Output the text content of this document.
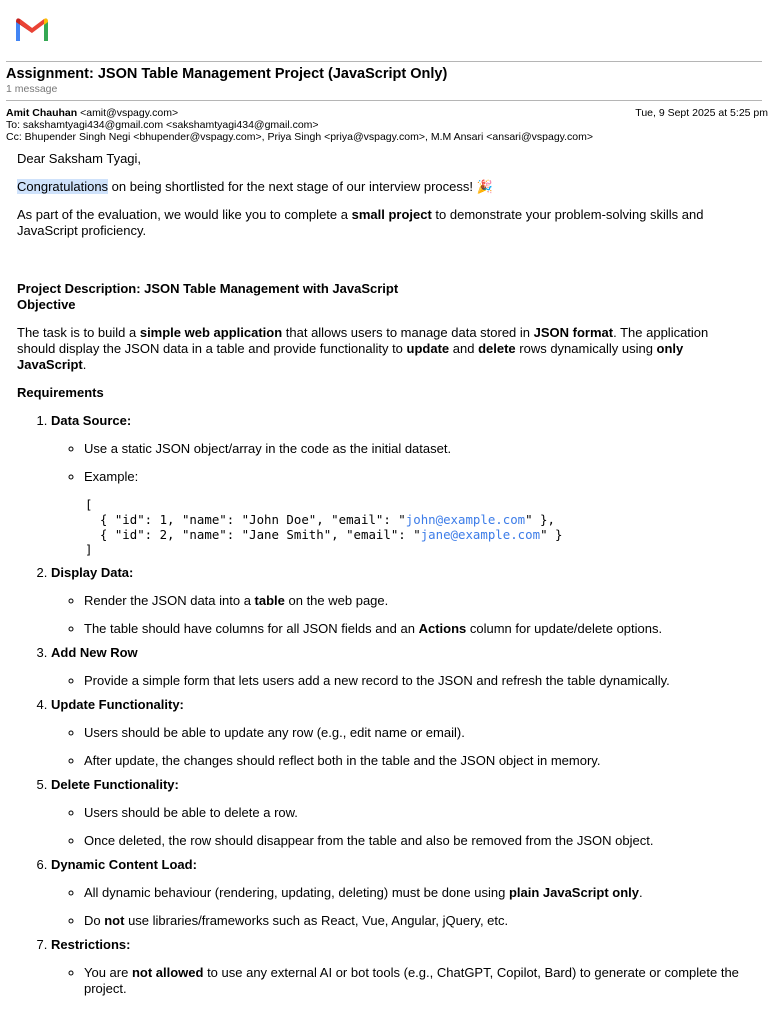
Assignment: JSON Table Management Project (JavaScript Only)
1 message
Amit Chauhan <amit@vspagy.com>	Tue, 9 Sept 2025 at 5:25 pm
To: sakshamtyagi434@gmail.com <sakshamtyagi434@gmail.com>
Cc: Bhupender Singh Negi <bhupender@vspagy.com>, Priya Singh <priya@vspagy.com>, M.M Ansari <ansari@vspagy.com>

Dear Saksham Tyagi,

Congratulations on being shortlisted for the next stage of our interview process! 🎉

As part of the evaluation, we would like you to complete a small project to demonstrate your problem-solving skills and JavaScript proficiency.

Project Description: JSON Table Management with JavaScript

Objective

The task is to build a simple web application that allows users to manage data stored in JSON format. The application should display the JSON data in a table and provide functionality to update and delete rows dynamically using only JavaScript.

Requirements

1. Data Source:
◦ Use a static JSON object/array in the code as the initial dataset.
◦ Example:
[
{ "id": 1, "name": "John Doe", "email": "john@example.com" },
{ "id": 2, "name": "Jane Smith", "email": "jane@example.com" }
]
2. Display Data:
◦ Render the JSON data into a table on the web page.
◦ The table should have columns for all JSON fields and an Actions column for update/delete options.
3. Add New Row
◦ Provide a simple form that lets users add a new record to the JSON and refresh the table dynamically.
4. Update Functionality:
◦ Users should be able to update any row (e.g., edit name or email).
◦ After update, the changes should reflect both in the table and the JSON object in memory.
5. Delete Functionality:
◦ Users should be able to delete a row.
◦ Once deleted, the row should disappear from the table and also be removed from the JSON object.
6. Dynamic Content Load:
◦ All dynamic behaviour (rendering, updating, deleting) must be done using plain JavaScript only.
◦ Do not use libraries/frameworks such as React, Vue, Angular, jQuery, etc.
7. Restrictions:
◦ You are not allowed to use any external AI or bot tools (e.g., ChatGPT, Copilot, Bard) to generate or complete the project.
